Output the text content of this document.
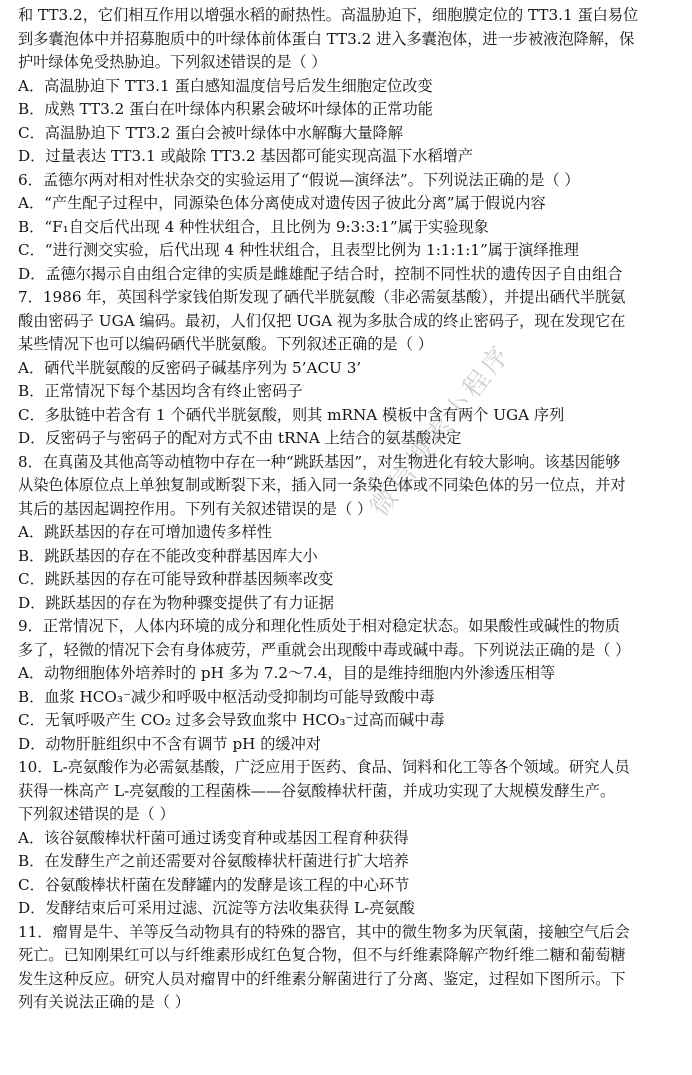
和 TT3.2，它们相互作用以增强水稻的耐热性。高温胁迫下，细胞膜定位的 TT3.1 蛋白易位
到多囊泡体中并招募胞质中的叶绿体前体蛋白 TT3.2 进入多囊泡体，进一步被液泡降解，保
护叶绿体免受热胁迫。下列叙述错误的是（ ）
A．高温胁迫下 TT3.1 蛋白感知温度信号后发生细胞定位改变
B．成熟 TT3.2 蛋白在叶绿体内积累会破坏叶绿体的正常功能
C．高温胁迫下 TT3.2 蛋白会被叶绿体中水解酶大量降解
D．过量表达 TT3.1 或敲除 TT3.2 基因都可能实现高温下水稻增产
6．孟德尔两对相对性状杂交的实验运用了“假说—演绎法”。下列说法正确的是（ ）
A．“产生配子过程中，同源染色体分离使成对遗传因子彼此分离”属于假说内容
B．“F₁自交后代出现 4 种性状组合，且比例为 9:3:3:1”属于实验现象
C．“进行测交实验，后代出现 4 种性状组合，且表型比例为 1:1:1:1”属于演绎推理
D．孟德尔揭示自由组合定律的实质是雌雄配子结合时，控制不同性状的遗传因子自由组合
7．1986 年，英国科学家钱伯斯发现了硒代半胱氨酸（非必需氨基酸），并提出硒代半胱氨
酸由密码子 UGA 编码。最初，人们仅把 UGA 视为多肽合成的终止密码子，现在发现它在
某些情况下也可以编码硒代半胱氨酸。下列叙述正确的是（ ）
A．硒代半胱氨酸的反密码子碱基序列为 5’ACU 3’
B．正常情况下每个基因均含有终止密码子
C．多肽链中若含有 1 个硒代半胱氨酸，则其 mRNA 模板中含有两个 UGA 序列
D．反密码子与密码子的配对方式不由 tRNA 上结合的氨基酸决定
8．在真菌及其他高等动植物中存在一种“跳跃基因”，对生物进化有较大影响。该基因能够
从染色体原位点上单独复制或断裂下来，插入同一条染色体或不同染色体的另一位点，并对
其后的基因起调控作用。下列有关叙述错误的是（ ）
A．跳跃基因的存在可增加遗传多样性
B．跳跃基因的存在不能改变种群基因库大小
C．跳跃基因的存在可能导致种群基因频率改变
D．跳跃基因的存在为物种骤变提供了有力证据
9．正常情况下，人体内环境的成分和理化性质处于相对稳定状态。如果酸性或碱性的物质
多了，轻微的情况下会有身体疲劳，严重就会出现酸中毒或碱中毒。下列说法正确的是（ ）
A．动物细胞体外培养时的 pH 多为 7.2～7.4，目的是维持细胞内外渗透压相等
B．血浆 HCO₃⁻减少和呼吸中枢活动受抑制均可能导致酸中毒
C．无氧呼吸产生 CO₂ 过多会导致血浆中 HCO₃⁻过高而碱中毒
D．动物肝脏组织中不含有调节 pH 的缓冲对
10．L-亮氨酸作为必需氨基酸，广泛应用于医药、食品、饲料和化工等各个领域。研究人员
获得一株高产 L-亮氨酸的工程菌株——谷氨酸棒状杆菌，并成功实现了大规模发酵生产。
下列叙述错误的是（ ）
A．该谷氨酸棒状杆菌可通过诱变育种或基因工程育种获得
B．在发酵生产之前还需要对谷氨酸棒状杆菌进行扩大培养
C．谷氨酸棒状杆菌在发酵罐内的发酵是该工程的中心环节
D．发酵结束后可采用过滤、沉淀等方法收集获得 L-亮氨酸
11．瘤胃是牛、羊等反刍动物具有的特殊的器官，其中的微生物多为厌氧菌，接触空气后会
死亡。已知刚果红可以与纤维素形成红色复合物，但不与纤维素降解产物纤维二糖和葡萄糖
发生这种反应。研究人员对瘤胃中的纤维素分解菌进行了分离、鉴定，过程如下图所示。下
列有关说法正确的是（ ）
微信搜索小程序
